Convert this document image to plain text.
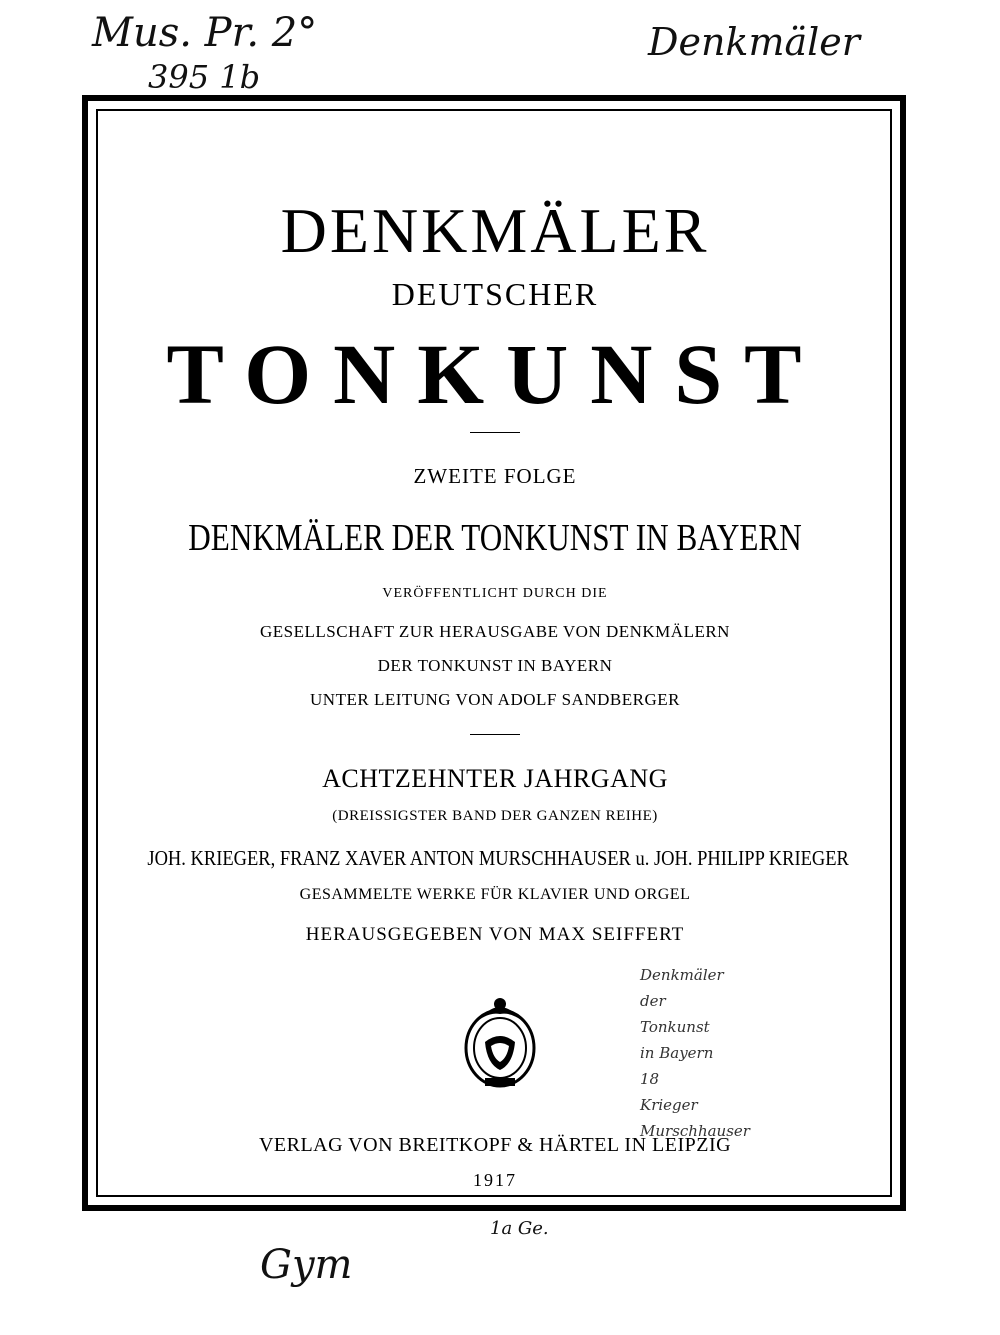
Mus. Pr. 2°
395 1b
Denkmäler
DENKMÄLER
DEUTSCHER
TONKUNST
ZWEITE FOLGE
DENKMÄLER DER TONKUNST IN BAYERN
VERÖFFENTLICHT DURCH DIE
GESELLSCHAFT ZUR HERAUSGABE VON DENKMÄLERN
DER TONKUNST IN BAYERN
UNTER LEITUNG VON ADOLF SANDBERGER
ACHTZEHNTER JAHRGANG
(DREISSIGSTER BAND DER GANZEN REIHE)
JOH. KRIEGER, FRANZ XAVER ANTON MURSCHHAUSER u. JOH. PHILIPP KRIEGER
GESAMMELTE WERKE FÜR KLAVIER UND ORGEL
HERAUSGEGEBEN VON MAX SEIFFERT
VERLAG VON BREITKOPF & HÄRTEL IN LEIPZIG
1917
Denkmäler
der
Tonkunst
in Bayern
18
Krieger
Murschhauser
1a Ge.
Gym
